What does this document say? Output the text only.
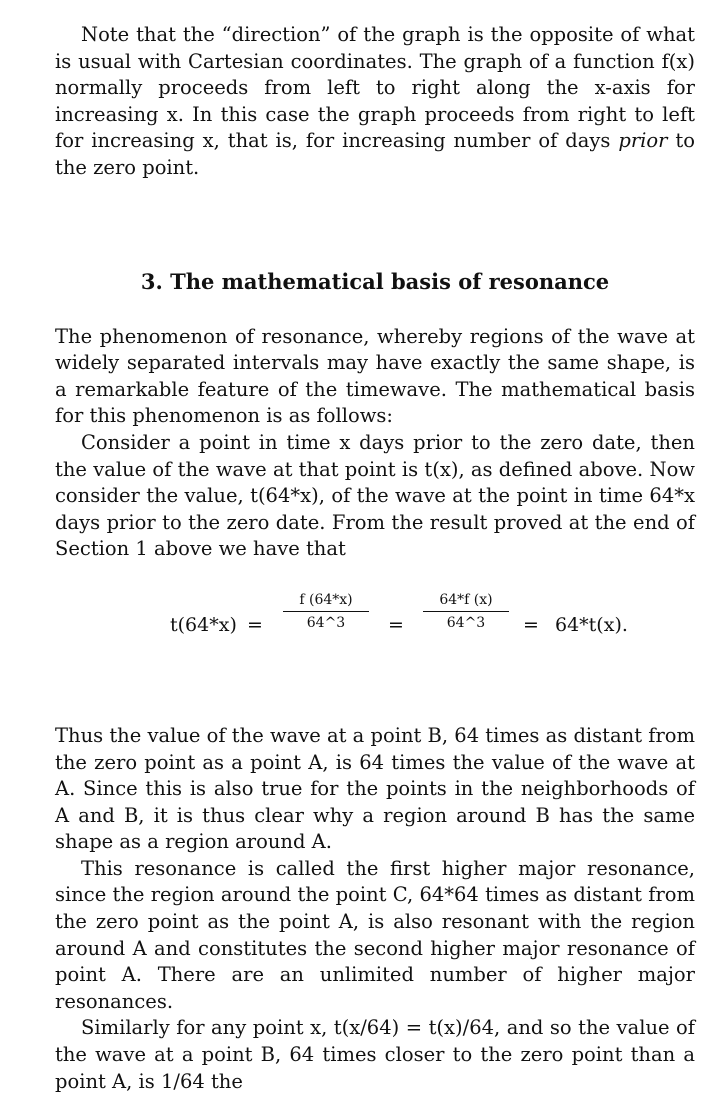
Note that the “direction” of the graph is the opposite of what is usual with Cartesian coordinates. The graph of a function f(x) normally proceeds from left to right along the x-axis for increasing x. In this case the graph proceeds from right to left for increasing x, that is, for increasing number of days prior to the zero point.

3. The mathematical basis of resonance

The phenomenon of resonance, whereby regions of the wave at widely separated intervals may have exactly the same shape, is a remarkable feature of the timewave. The mathematical basis for this phenomenon is as follows:

Consider a point in time x days prior to the zero date, then the value of the wave at that point is t(x), as defined above. Now consider the value, t(64*x), of the wave at the point in time 64*x days prior to the zero date. From the result proved at the end of Section 1 above we have that

$t(64*x) = \frac{f (64*x)}{64\^{}3} = \frac{64*f (x)}{64\^{}3} = 64*t(x)$.

Thus the value of the wave at a point B, 64 times as distant from the zero point as a point A, is 64 times the value of the wave at A. Since this is also true for the points in the neighborhoods of A and B, it is thus clear why a region around B has the same shape as a region around A.

This resonance is called the first higher major resonance, since the region around the point C, 64*64 times as distant from the zero point as the point A, is also resonant with the region around A and constitutes the second higher major resonance of point A. There are an unlimited number of higher major resonances.

Similarly for any point x, t(x/64) = t(x)/64, and so the value of the wave at a point B, 64 times closer to the zero point than a point A, is 1/64 the
